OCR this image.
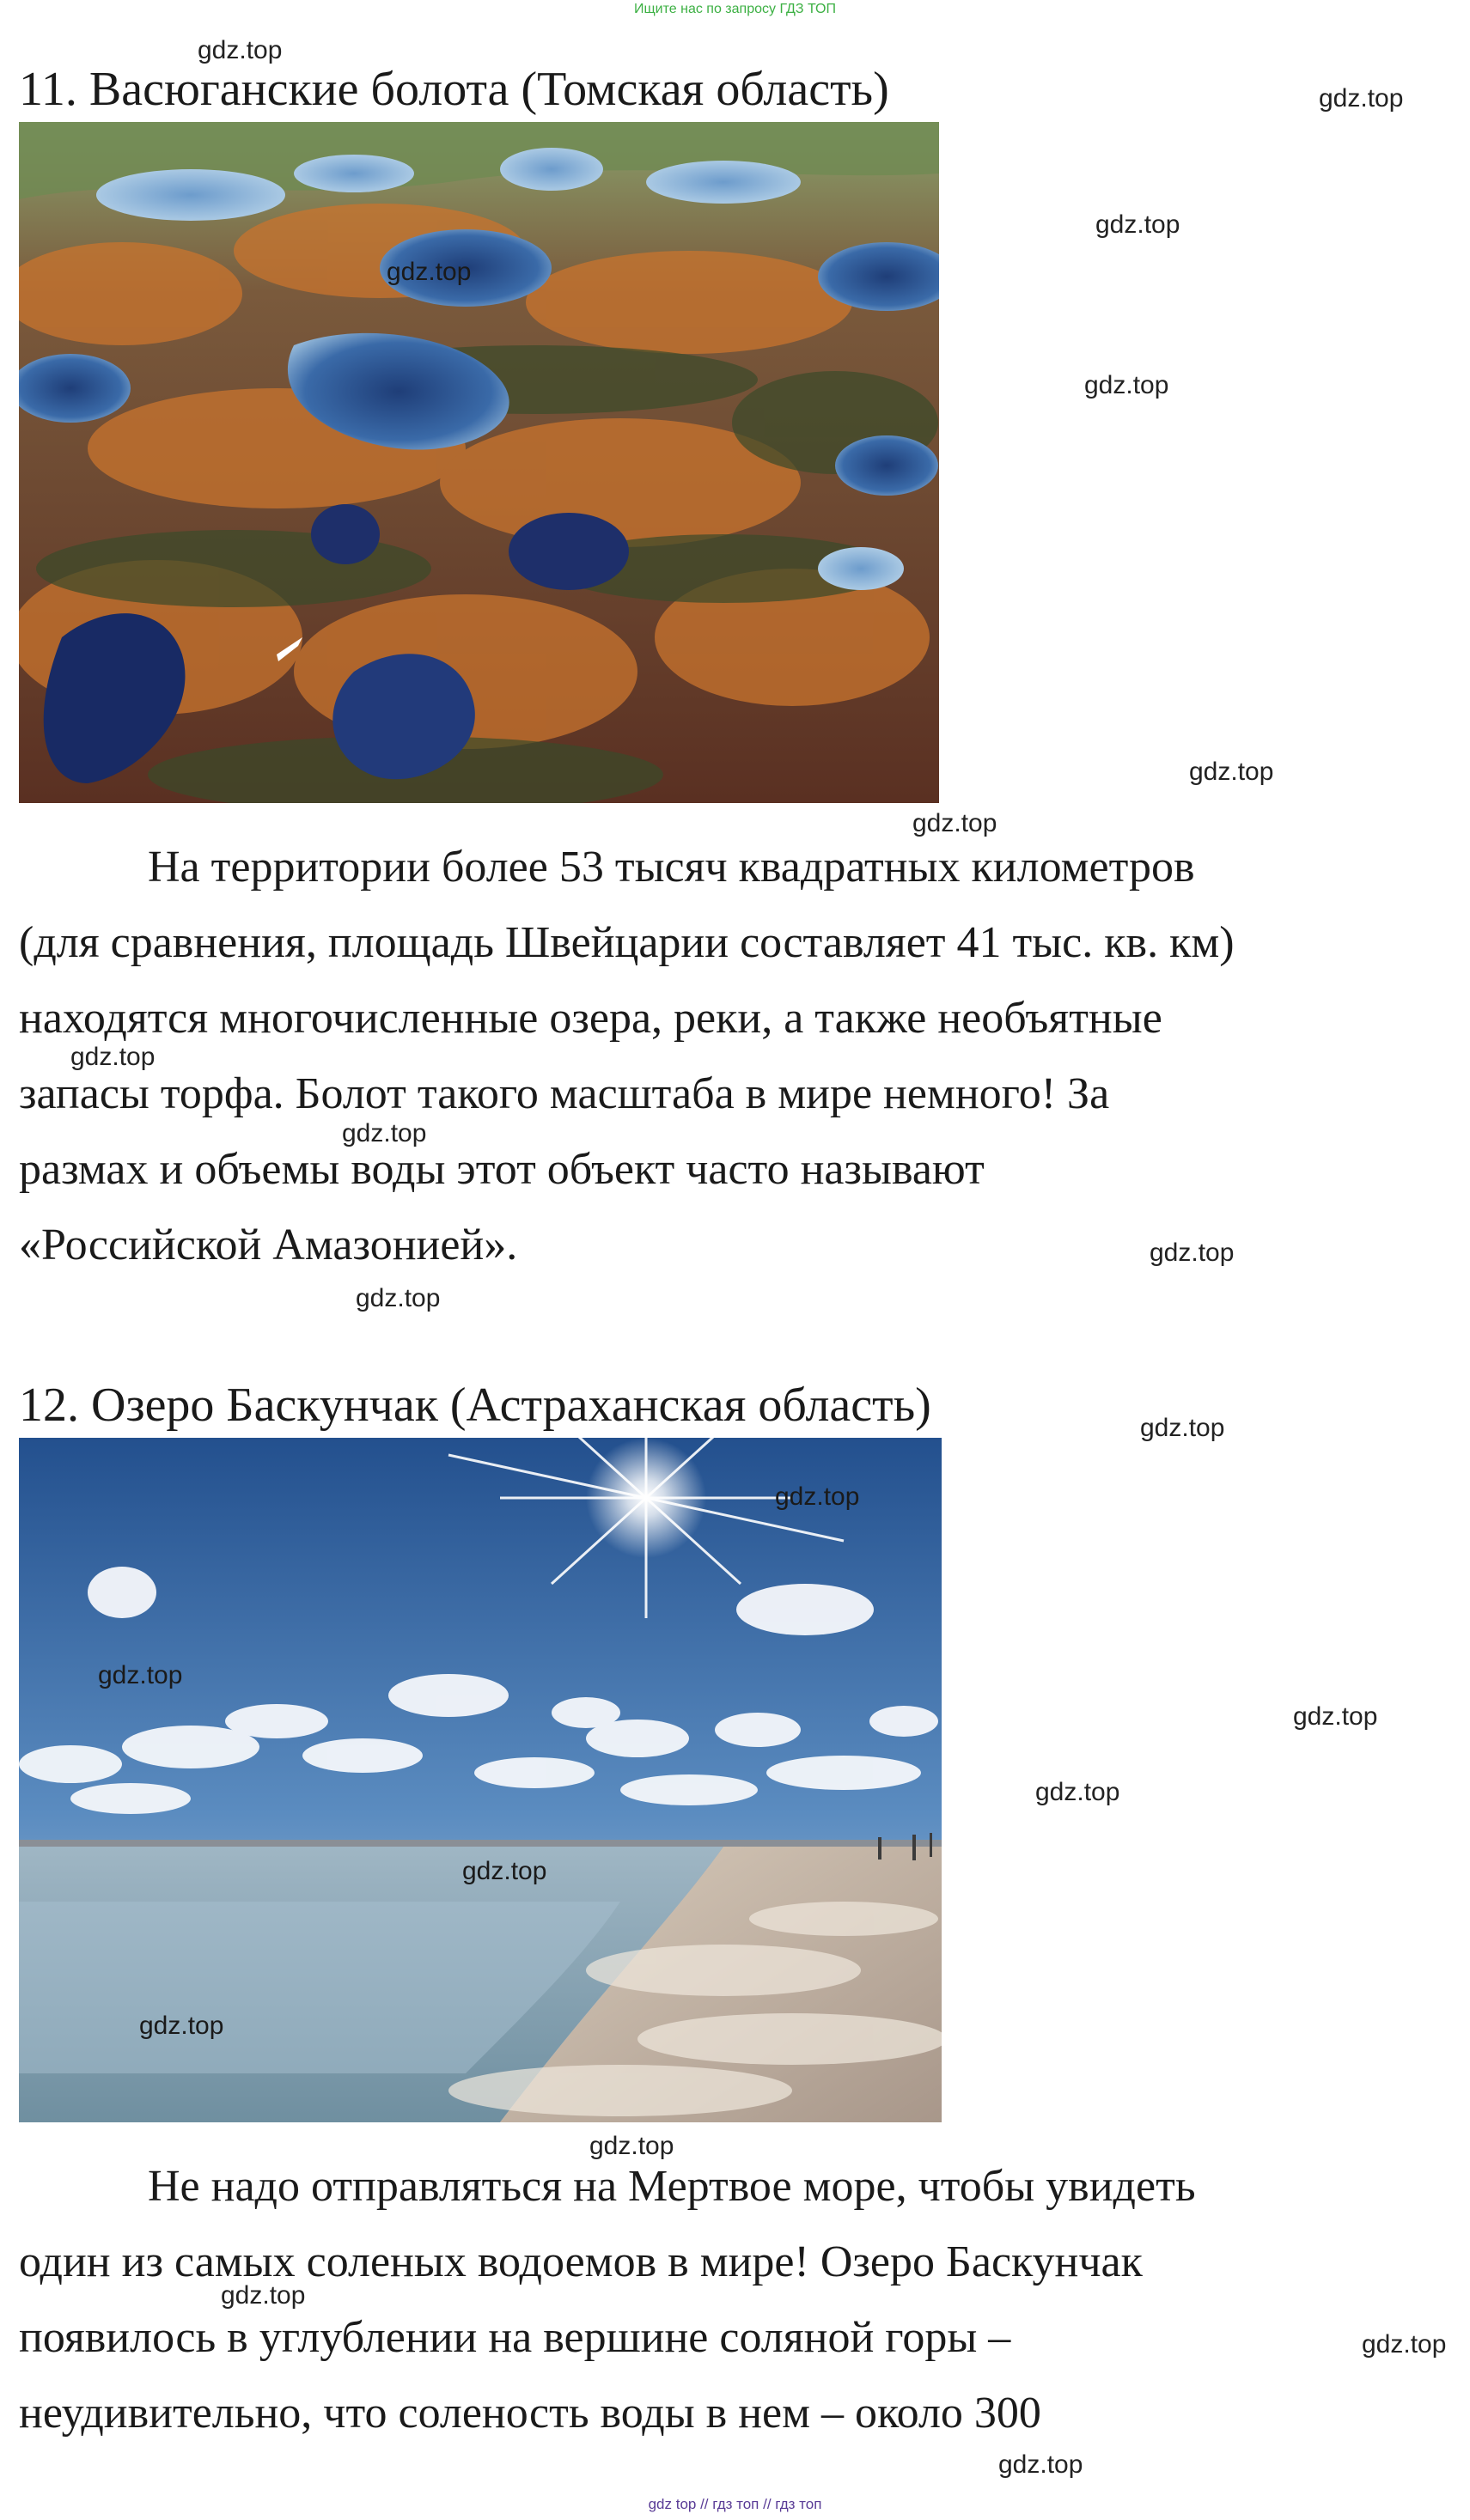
Ищите нас по запросу ГДЗ ТОП
11. Васюганские болота (Томская область)
На территории более 53 тысяч квадратных километров
(для сравнения, площадь Швейцарии составляет 41 тыс. кв. км)
находятся многочисленные озера, реки, а также необъятные
запасы торфа. Болот такого масштаба в мире немного! За
размах и объемы воды этот объект часто называют
«Российской Амазонией».
12. Озеро Баскунчак (Астраханская область)
Не надо отправляться на Мертвое море, чтобы увидеть
один из самых соленых водоемов в мире! Озеро Баскунчак
появилось в углублении на вершине соляной горы –
неудивительно, что соленость воды в нем – около 300
gdz.top
gdz.top
gdz.top
gdz.top
gdz.top
gdz.top
gdz.top
gdz.top
gdz.top
gdz.top
gdz.top
gdz.top
gdz.top
gdz.top
gdz.top
gdz.top
gdz.top
gdz.top
gdz.top
gdz.top
gdz.top
gdz.top
gdz top // гдз топ // гдз топ
